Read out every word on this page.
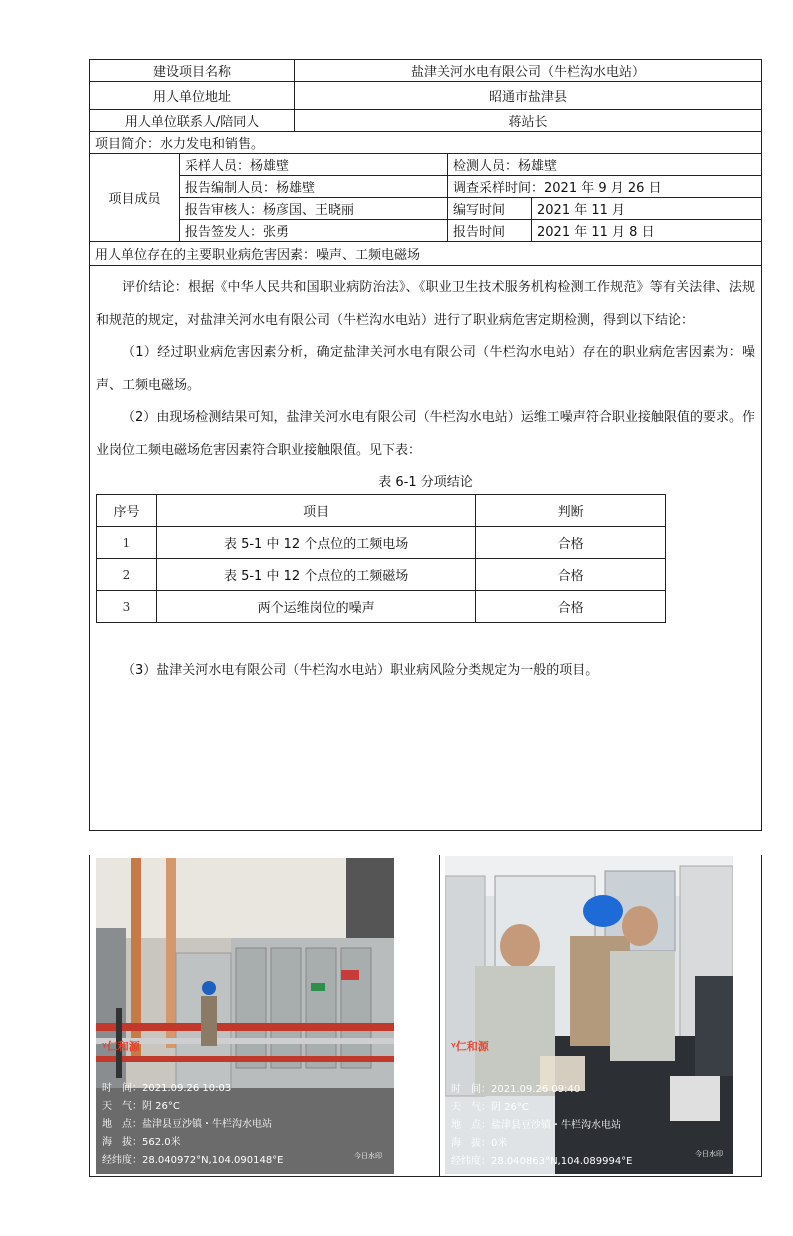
建设项目名称	盐津关河水电有限公司（牛栏沟水电站）
用人单位地址	昭通市盐津县
用人单位联系人/陪同人	蒋站长
项目简介：水力发电和销售。
项目成员	采样人员：杨雄壁	检测人员：杨雄壁
报告编制人员：杨雄壁	调查采样时间：2021 年 9 月 26 日
报告审核人：杨彦国、王晓丽	编写时间	2021 年 11 月
报告签发人：张勇	报告时间	2021 年 11 月 8 日
用人单位存在的主要职业病危害因素：噪声、工频电磁场

评价结论：根据《中华人民共和国职业病防治法》、《职业卫生技术服务机构检测工作规范》等有关法律、法规和规范的规定，对盐津关河水电有限公司（牛栏沟水电站）进行了职业病危害定期检测，得到以下结论：

（1）经过职业病危害因素分析，确定盐津关河水电有限公司（牛栏沟水电站）存在的职业病危害因素为：噪声、工频电磁场。

（2）由现场检测结果可知，盐津关河水电有限公司（牛栏沟水电站）运维工噪声符合职业接触限值的要求。作业岗位工频电磁场危害因素符合职业接触限值。见下表：

表 6-1 分项结论
序号	项目	判断
1	表 5-1 中 12 个点位的工频电场	合格
2	表 5-1 中 12 个点位的工频磁场	合格
3	两个运维岗位的噪声	合格

（3）盐津关河水电有限公司（牛栏沟水电站）职业病风险分类规定为一般的项目。

ᵞ仁和源
时　间：2021.09.26 10:03
天　气：阴 26°C
地　点：盐津县豆沙镇・牛栏沟水电站
海　拔：562.0米
经纬度：28.040972°N,104.090148°E	今日水印
ᵞ仁和源
时　间：2021.09.26 09:40
天　气：阴 26°C
地　点：盐津县豆沙镇・牛栏沟水电站
海　拔：0米
经纬度：28.040863°N,104.089994°E
今日水印
